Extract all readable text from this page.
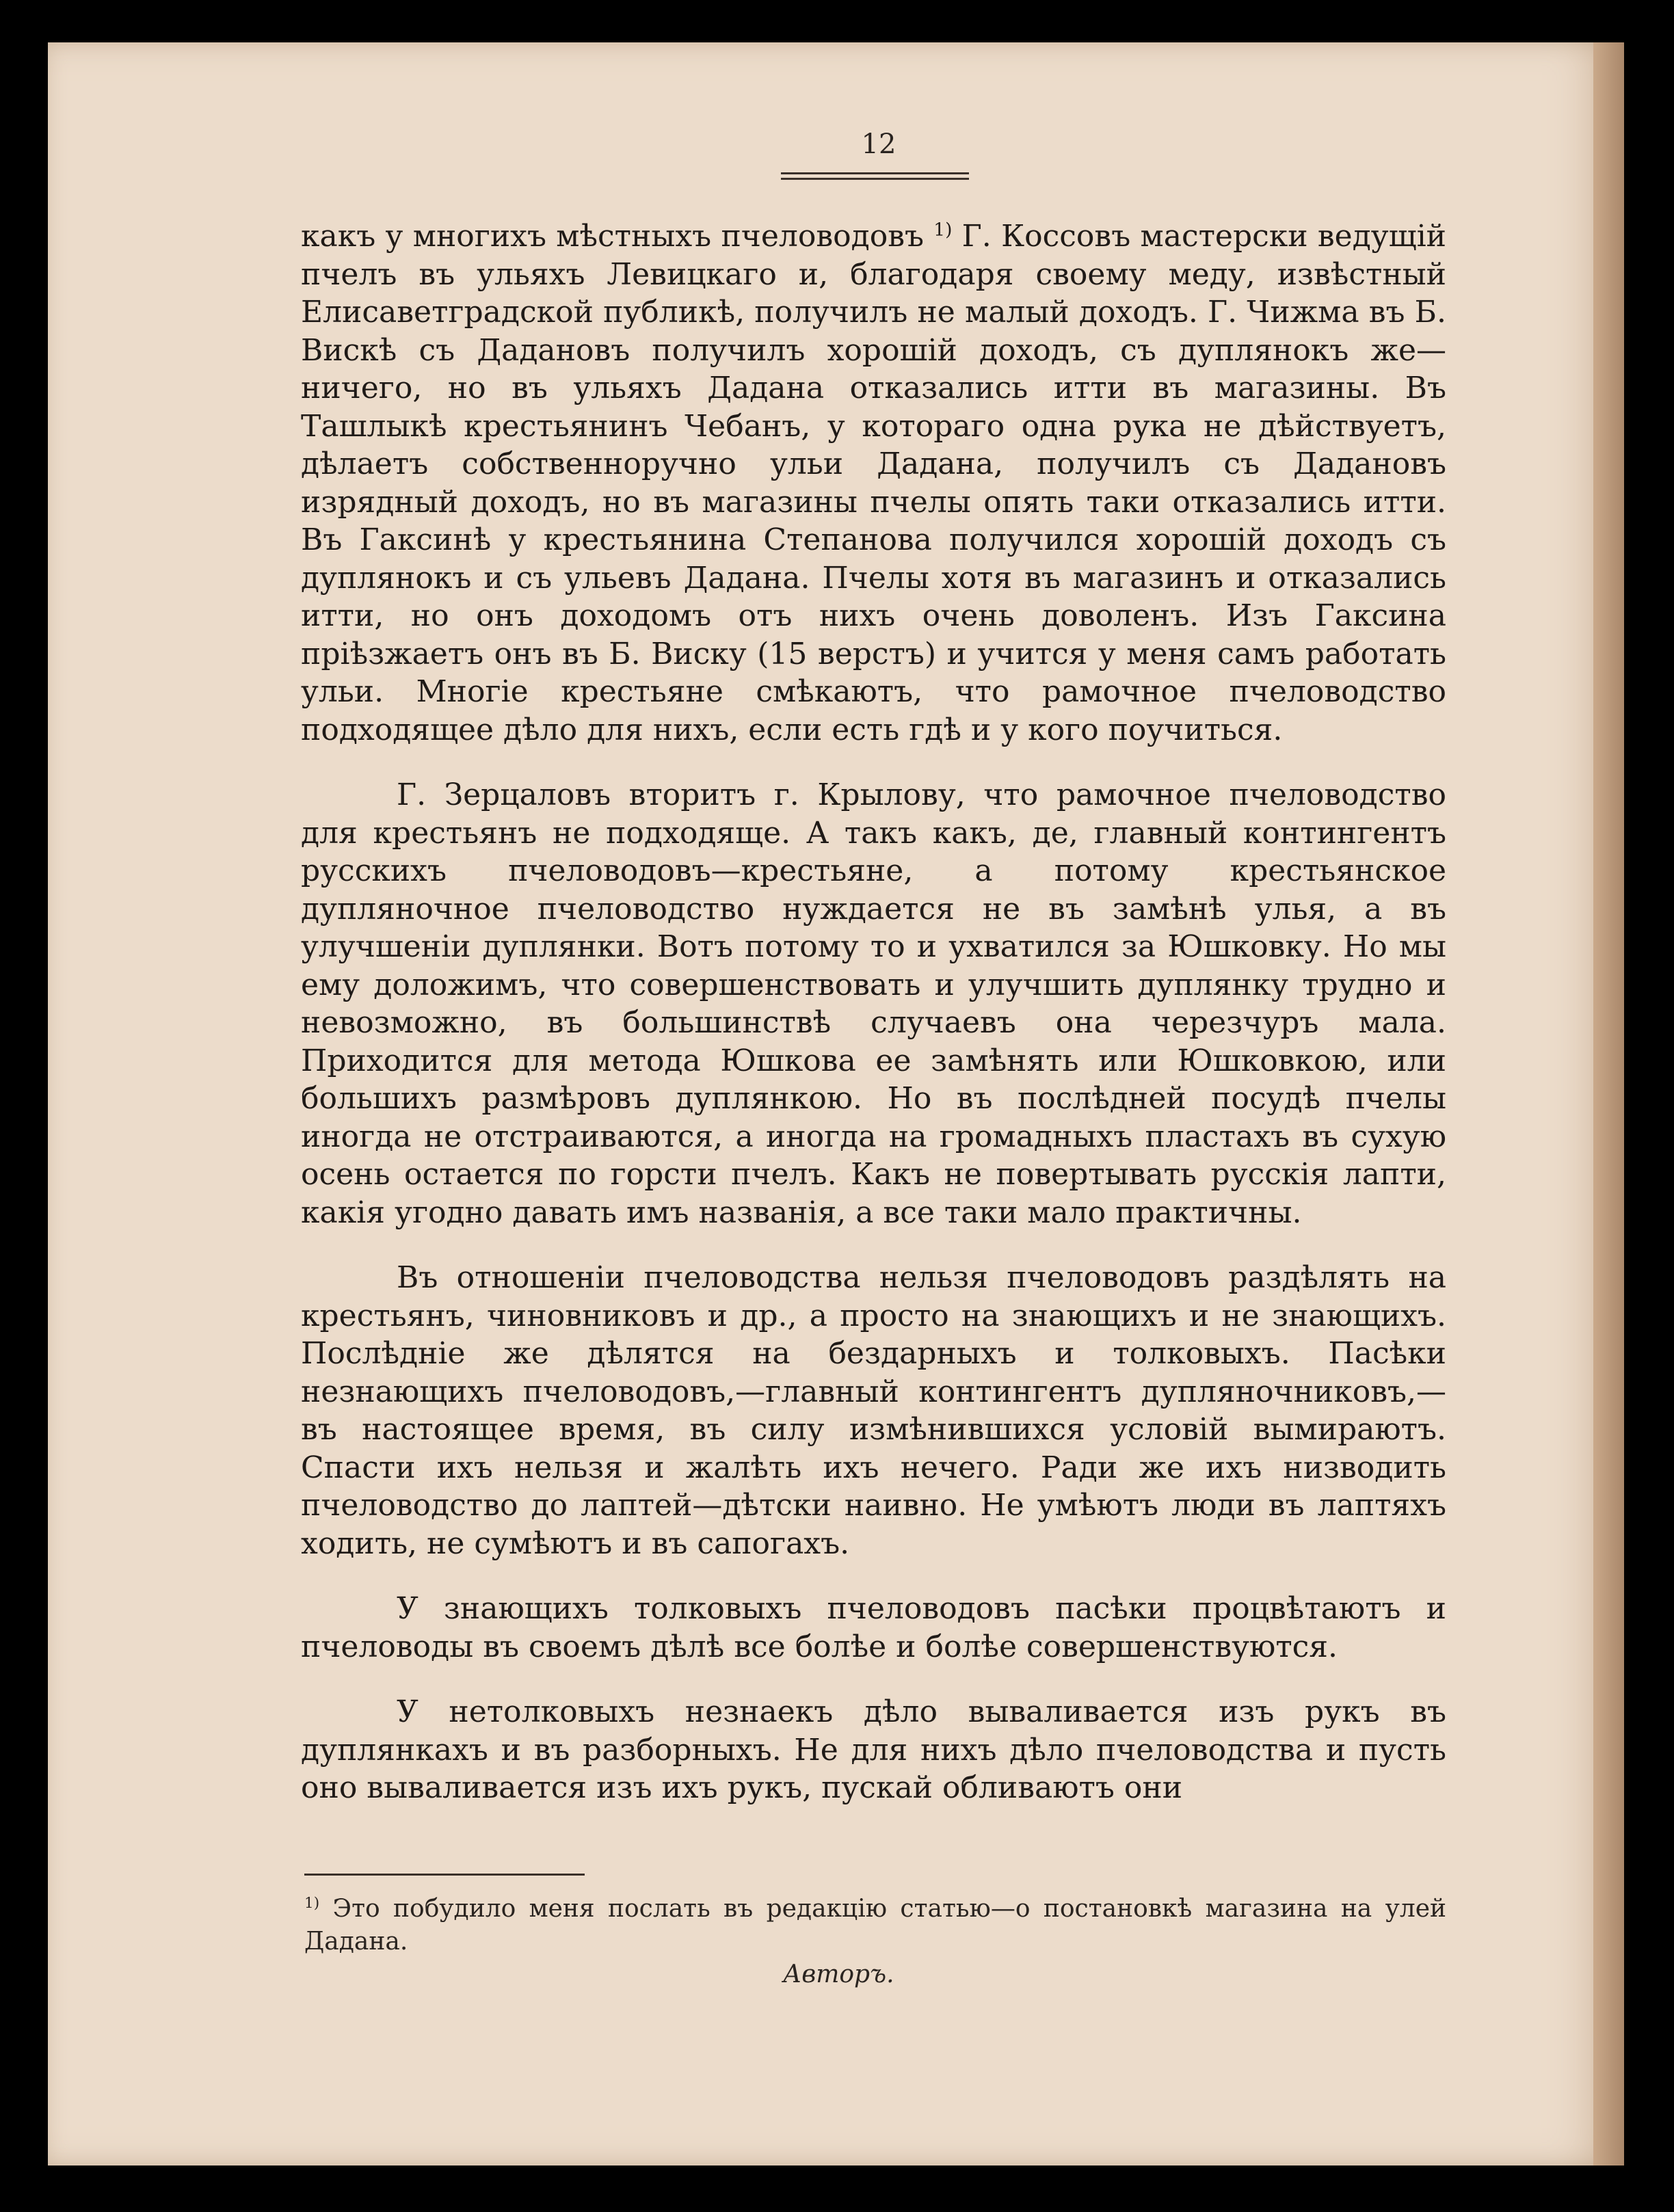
12

какъ у многихъ мѣстныхъ пчеловодовъ $^{1)}$ Г. Коссовъ мастерски ведущій пчелъ въ ульяхъ Левицкаго и, благодаря своему меду, извѣстный Елисаветградской публикѣ, получилъ не малый доходъ. Г. Чижма въ Б. Вискѣ съ Дадановъ получилъ хорошій доходъ, съ дуплянокъ же—ничего, но въ ульяхъ Дадана отказались итти въ магазины. Въ Ташлыкѣ крестьянинъ Чебанъ, у котораго одна рука не дѣйствуетъ, дѣлаетъ собственноручно ульи Дадана, получилъ съ Дадановъ изрядный доходъ, но въ магазины пчелы опять таки отказались итти. Въ Гаксинѣ у крестьянина Степанова получился хорошій доходъ съ дуплянокъ и съ ульевъ Дадана. Пчелы хотя въ магазинъ и отказались итти, но онъ доходомъ отъ нихъ очень доволенъ. Изъ Гаксина пріѣзжаетъ онъ въ Б. Виску (15 верстъ) и учится у меня самъ работать ульи. Многіе крестьяне смѣкаютъ, что рамочное пчеловодство подходящее дѣло для нихъ, если есть гдѣ и у кого поучиться.

Г. Зерцаловъ вторитъ г. Крылову, что рамочное пчеловодство для крестьянъ не подходяще. А такъ какъ, де, главный контингентъ русскихъ пчеловодовъ—крестьяне, а потому крестьянское дупляночное пчеловодство нуждается не въ замѣнѣ улья, а въ улучшеніи дуплянки. Вотъ потому то и ухватился за Юшковку. Но мы ему доложимъ, что совершенствовать и улучшить дуплянку трудно и невозможно, въ большинствѣ случаевъ она черезчуръ мала. Приходится для метода Юшкова ее замѣнять или Юшковкою, или большихъ размѣровъ дуплянкою. Но въ послѣдней посудѣ пчелы иногда не отстраиваются, а иногда на громадныхъ пластахъ въ сухую осень остается по горсти пчелъ. Какъ не повертывать русскія лапти, какія угодно давать имъ названія, а все таки мало практичны.

Въ отношеніи пчеловодства нельзя пчеловодовъ раздѣлять на крестьянъ, чиновниковъ и др., а просто на знающихъ и не знающихъ. Послѣдніе же дѣлятся на бездарныхъ и толковыхъ. Пасѣки незнающихъ пчеловодовъ,—главный контингентъ дупляночниковъ,—въ настоящее время, въ силу измѣнившихся условій вымираютъ. Спасти ихъ нельзя и жалѣть ихъ нечего. Ради же ихъ низводить пчеловодство до лаптей—дѣтски наивно. Не умѣютъ люди въ лаптяхъ ходить, не сумѣютъ и въ сапогахъ.

У знающихъ толковыхъ пчеловодовъ пасѣки процвѣтаютъ и пчеловоды въ своемъ дѣлѣ все болѣе и болѣе совершенствуются.

У нетолковыхъ незнаекъ дѣло вываливается изъ рукъ въ дуплянкахъ и въ разборныхъ. Не для нихъ дѣло пчеловодства и пусть оно вываливается изъ ихъ рукъ, пускай обливаютъ они

$^{1)}$ Это побудило меня послать въ редакцію статью—о постановкѣ магазина на улей Дадана.
Авторъ.
